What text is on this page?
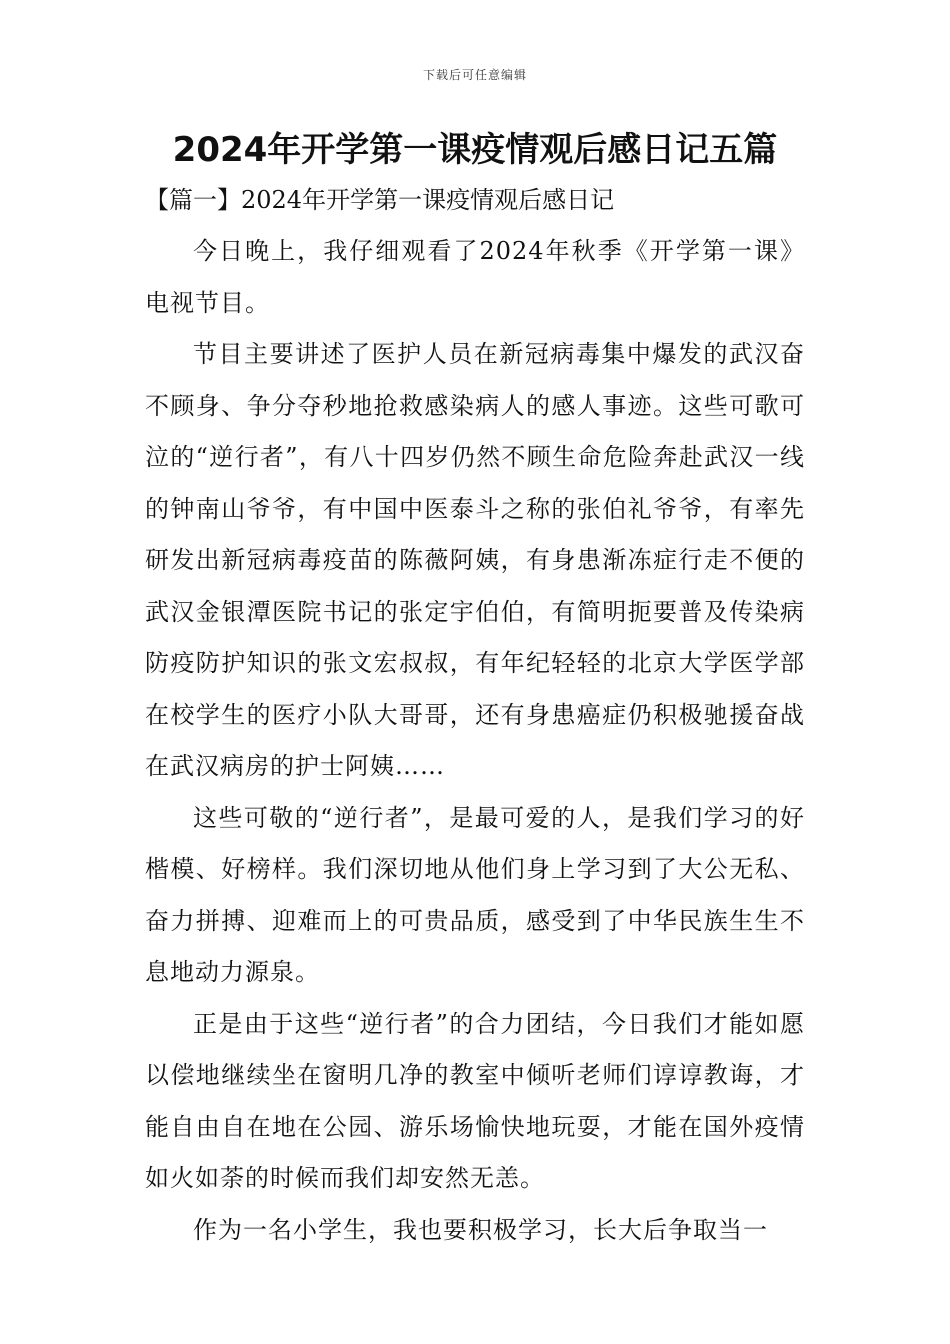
下载后可任意编辑
2024年开学第一课疫情观后感日记五篇
【篇一】2024年开学第一课疫情观后感日记

今日晚上，我仔细观看了2024年秋季《开学第一课》电视节目。

节目主要讲述了医护人员在新冠病毒集中爆发的武汉奋不顾身、争分夺秒地抢救感染病人的感人事迹。这些可歌可泣的“逆行者”，有八十四岁仍然不顾生命危险奔赴武汉一线的钟南山爷爷，有中国中医泰斗之称的张伯礼爷爷，有率先研发出新冠病毒疫苗的陈薇阿姨，有身患渐冻症行走不便的武汉金银潭医院书记的张定宇伯伯，有简明扼要普及传染病防疫防护知识的张文宏叔叔，有年纪轻轻的北京大学医学部在校学生的医疗小队大哥哥，还有身患癌症仍积极驰援奋战在武汉病房的护士阿姨……

这些可敬的“逆行者”，是最可爱的人，是我们学习的好楷模、好榜样。我们深切地从他们身上学习到了大公无私、奋力拼搏、迎难而上的可贵品质，感受到了中华民族生生不息地动力源泉。

正是由于这些“逆行者”的合力团结，今日我们才能如愿以偿地继续坐在窗明几净的教室中倾听老师们谆谆教诲，才能自由自在地在公园、游乐场愉快地玩耍，才能在国外疫情如火如荼的时候而我们却安然无恙。

作为一名小学生，我也要积极学习，长大后争取当一
